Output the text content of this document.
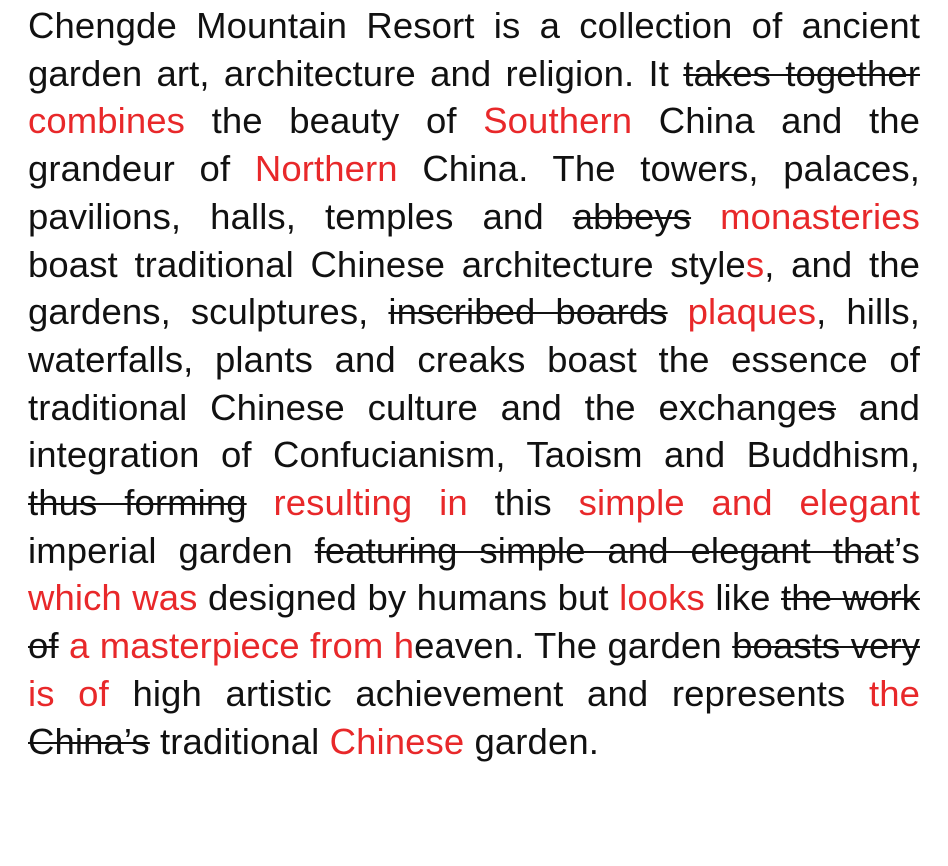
Chengde Mountain Resort is a collection of ancient garden art, architecture and religion. It takes together combines the beauty of Southern China and the grandeur of Northern China. The towers, palaces, pavilions, halls, temples and abbeys monasteries boast traditional Chinese architecture styles, and the gardens, sculptures, inscribed boards plaques, hills, waterfalls, plants and creaks boast the essence of traditional Chinese culture and the exchanges and integration of Confucianism, Taoism and Buddhism, thus forming resulting in this simple and elegant imperial garden featuring simple and elegant that’s which was designed by humans but looks like the work of a masterpiece from heaven. The garden boasts very is of high artistic achievement and represents the China’s traditional Chinese garden.
